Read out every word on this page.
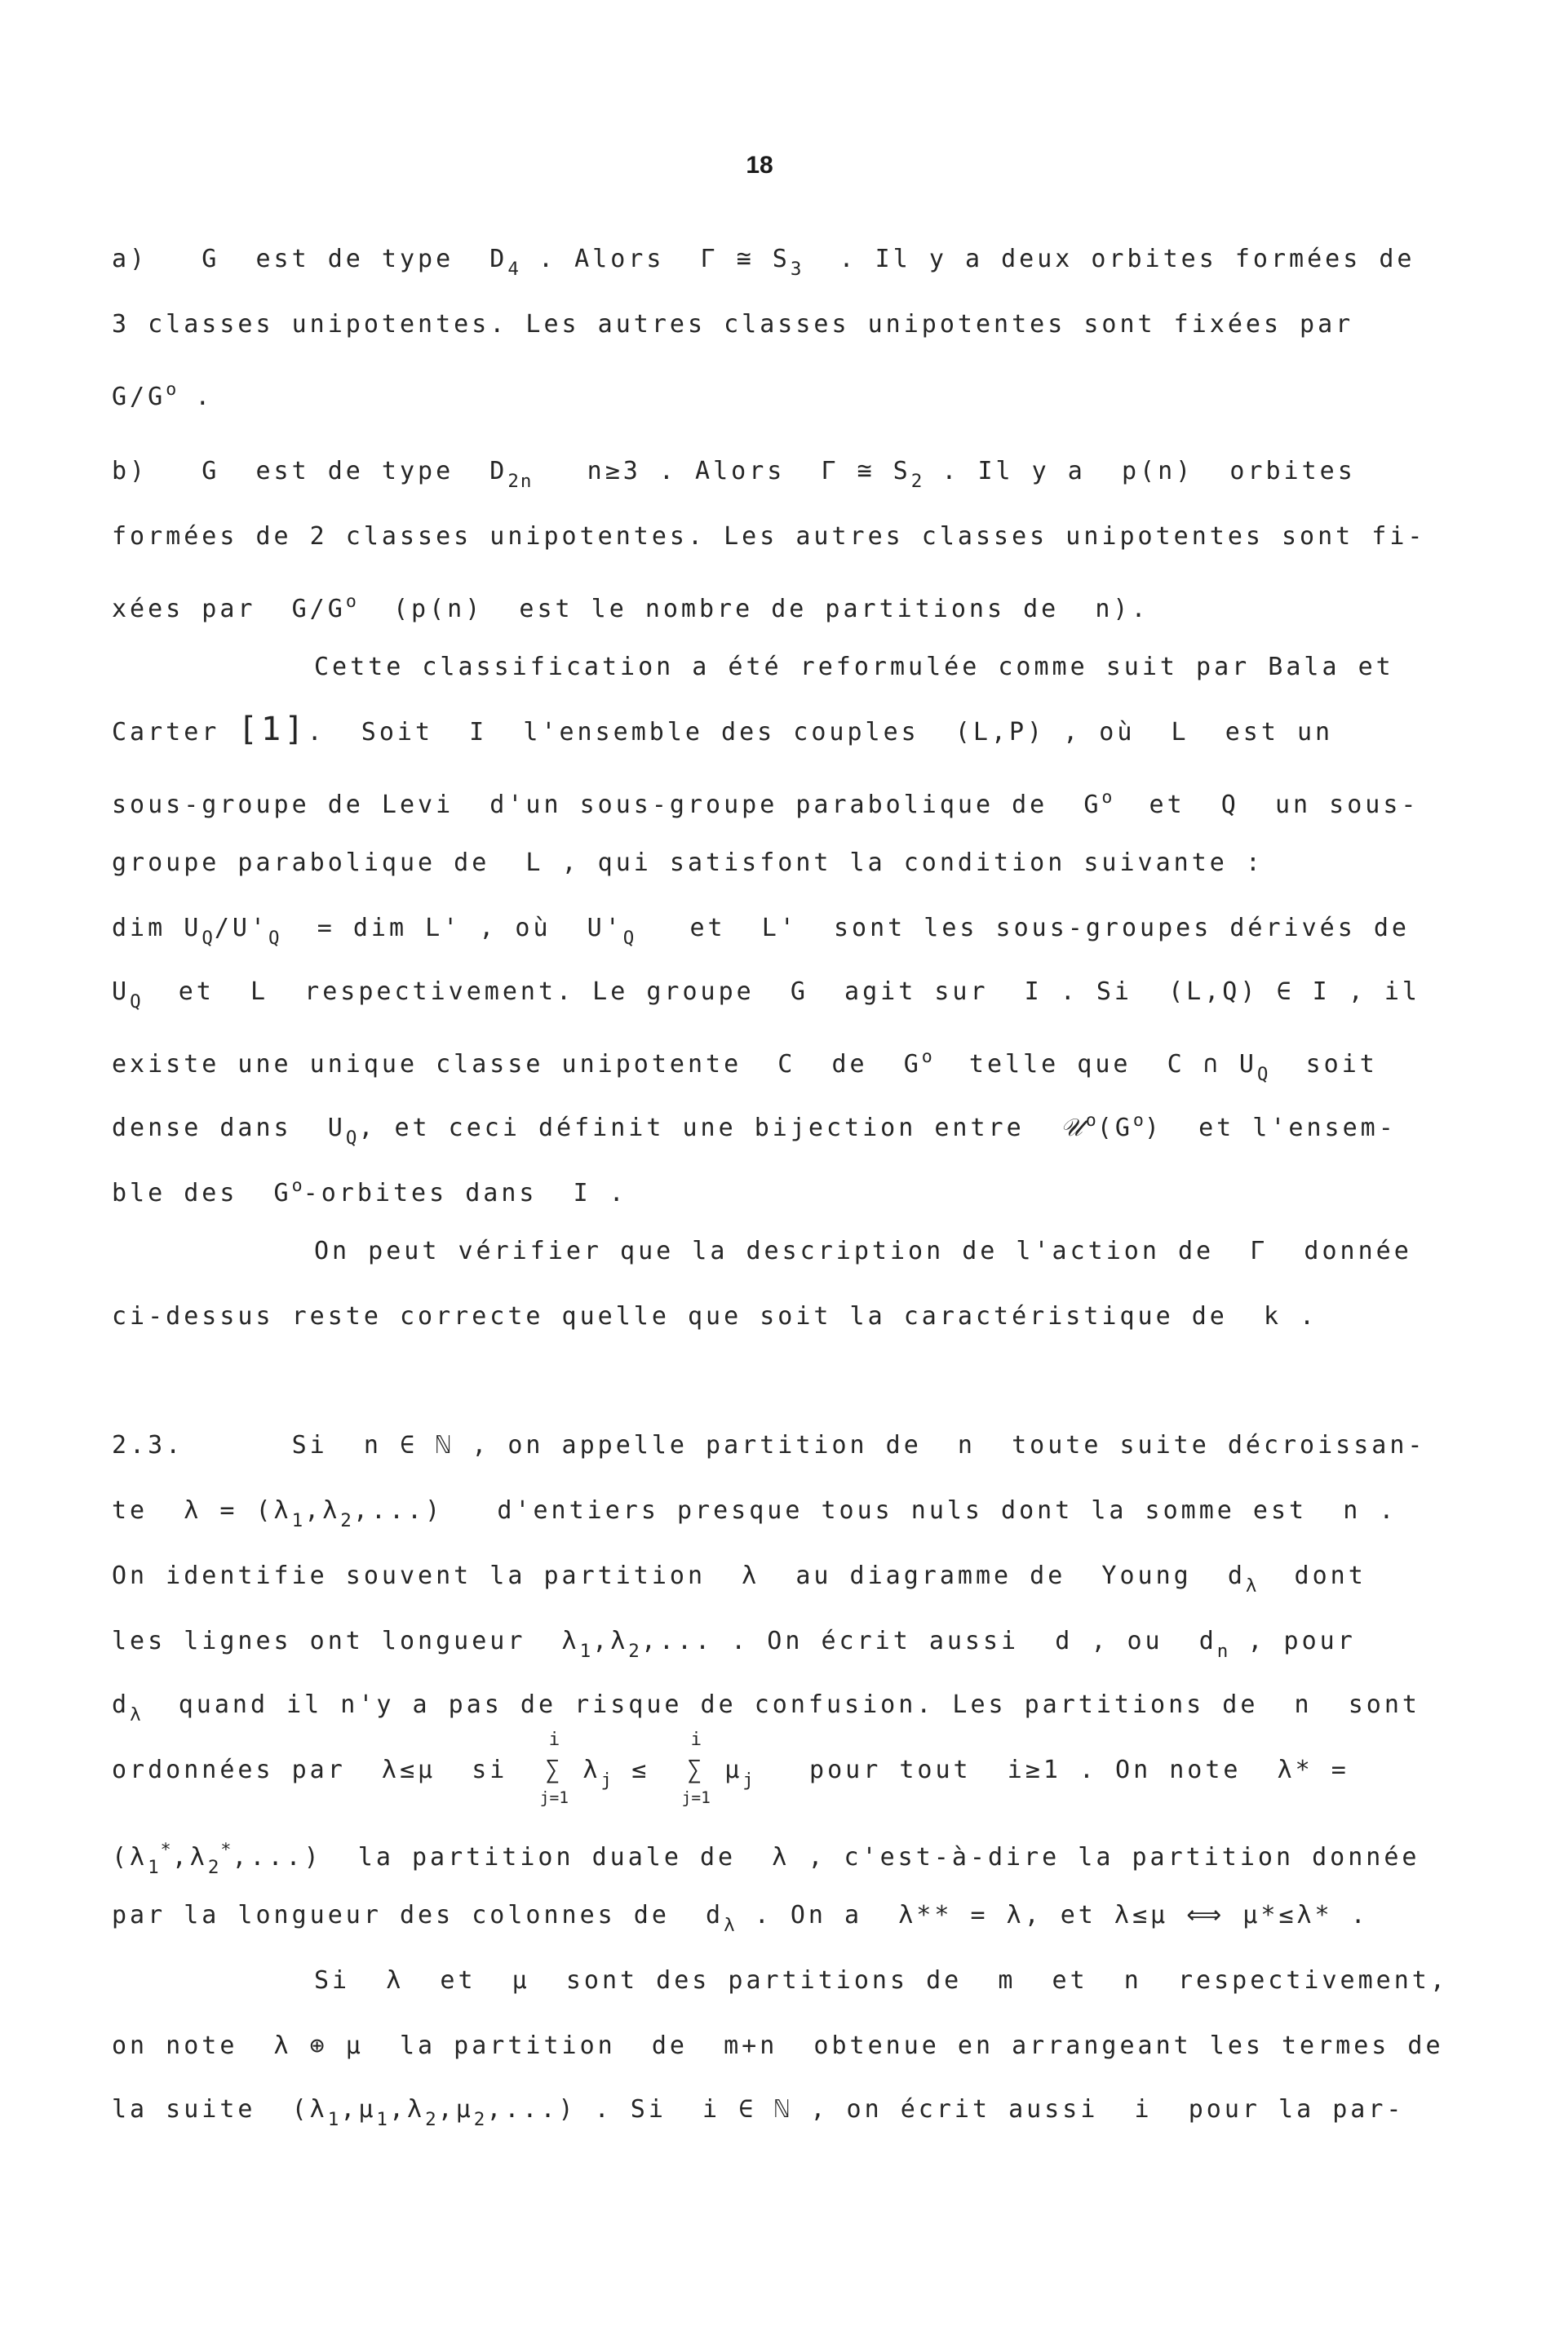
18
a)   G  est de type  $D_4$ . Alors  Γ ≅ $S_3$  . Il y a deux orbites formées de
3 classes unipotentes. Les autres classes unipotentes sont fixées par
$G/G^o$ .
b)   G  est de type  $D_{2n}$   n≥3 . Alors  Γ ≅ $S_2$ . Il y a  p(n)  orbites
formées de 2 classes unipotentes. Les autres classes unipotentes sont fi-
xées par  $G/G^o$  (p(n)  est le nombre de partitions de  n).
Cette classification a été reformulée comme suit par Bala et
Carter [1].  Soit  I  l'ensemble des couples  (L,P) , où  L  est un
sous-groupe de Levi  d'un sous-groupe parabolique de  $G^o$  et  Q  un sous-
groupe parabolique de  L , qui satisfont la condition suivante :
dim $U_Q/U'_Q$  = dim L' , où  $U'_Q$   et  L'  sont les sous-groupes dérivés de
$U_Q$  et  L  respectivement. Le groupe  G  agit sur  I . Si  (L,Q) ∈ I , il
existe une unique classe unipotente  C  de  $G^o$  telle que  C ∩ $U_Q$  soit
dense dans  $U_Q$, et ceci définit une bijection entre  $𝒰^o(G^o)$  et l'ensem-
ble des  $G^o$-orbites dans  I .
On peut vérifier que la description de l'action de  Γ  donnée
ci-dessus reste correcte quelle que soit la caractéristique de  k .
2.3.      Si  n ∈ ℕ , on appelle partition de  n  toute suite décroissan-
te  $\lambda = (\lambda_1,\lambda_2,...)$   d'entiers presque tous nuls dont la somme est  n .
On identifie souvent la partition  λ  au diagramme de  Young  $d_\lambda$  dont
les lignes ont longueur  $\lambda_1,\lambda_2$,... . On écrit aussi  d , ou  $d_n$ , pour
$d_\lambda$  quand il n'y a pas de risque de confusion. Les partitions de  n  sont
ordonnées par  λ≤μ  si
i
∑
j=1
$\lambda_j$ ≤
i
∑
j=1
$\mu_j$   pour tout  i≥1 . On note  λ* =
$(\lambda_1^*,\lambda_2^*,...)$  la partition duale de  λ , c'est-à-dire la partition donnée
par la longueur des colonnes de  $d_\lambda$ . On a  λ** = λ, et λ≤μ ⟺ μ*≤λ* .
Si  λ  et  μ  sont des partitions de  m  et  n  respectivement,
on note  λ ⊕ μ  la partition  de  m+n  obtenue en arrangeant les termes de
la suite  $(\lambda_1,\mu_1,\lambda_2,\mu_2,...)$ . Si  i ∈ ℕ , on écrit aussi  i  pour la par-
